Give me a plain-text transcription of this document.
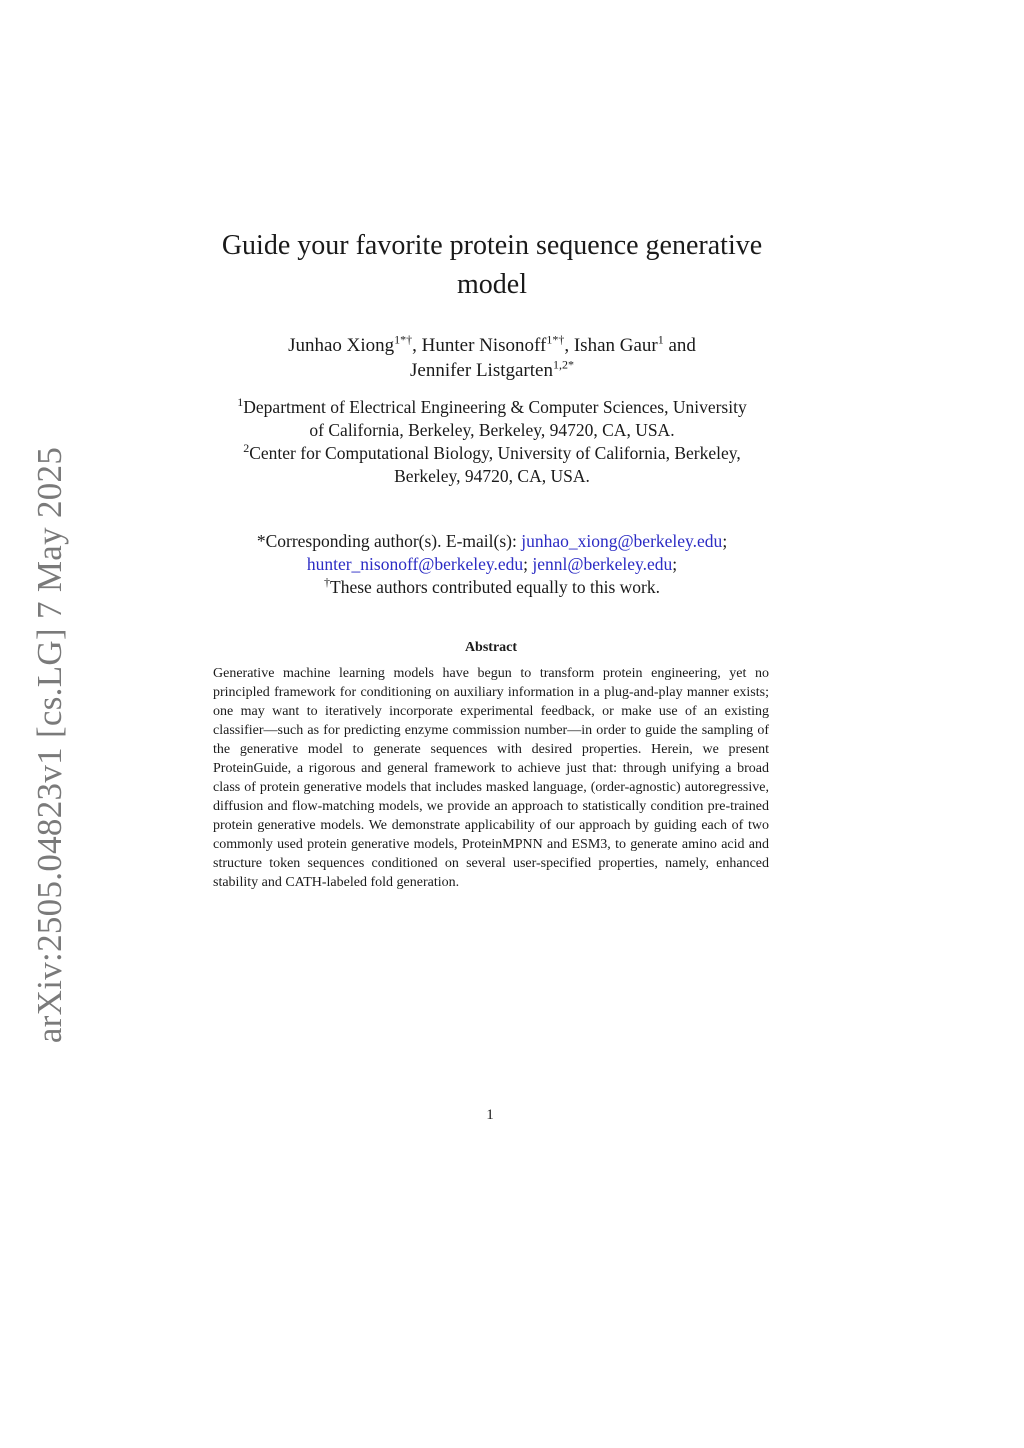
arXiv:2505.04823v1 [cs.LG] 7 May 2025
Guide your favorite protein sequence generative
model
Junhao Xiong$^{1*\dagger}$, Hunter Nisonoff$^{1*\dagger}$, Ishan Gaur$^1$ and
Jennifer Listgarten$^{1,2*}$
$^1$Department of Electrical Engineering & Computer Sciences, University
of California, Berkeley, Berkeley, 94720, CA, USA.
$^2$Center for Computational Biology, University of California, Berkeley,
Berkeley, 94720, CA, USA.
*Corresponding author(s). E-mail(s): junhao_xiong@berkeley.edu;
hunter_nisonoff@berkeley.edu; jennl@berkeley.edu;
†These authors contributed equally to this work.
Abstract

Generative machine learning models have begun to transform protein engineering, yet no principled framework for conditioning on auxiliary information in a plug-and-play manner exists; one may want to iteratively incorporate experimental feedback, or make use of an existing classifier—such as for predicting enzyme commission number—in order to guide the sampling of the generative model to generate sequences with desired properties. Herein, we present ProteinGuide, a rigorous and general framework to achieve just that: through unifying a broad class of protein generative models that includes masked language, (order-agnostic) autoregressive, diffusion and flow-matching models, we provide an approach to statistically condition pre-trained protein generative models. We demonstrate applicability of our approach by guiding each of two commonly used protein generative models, ProteinMPNN and ESM3, to generate amino acid and structure token sequences conditioned on several user-specified properties, namely, enhanced stability and CATH-labeled fold generation.

1
